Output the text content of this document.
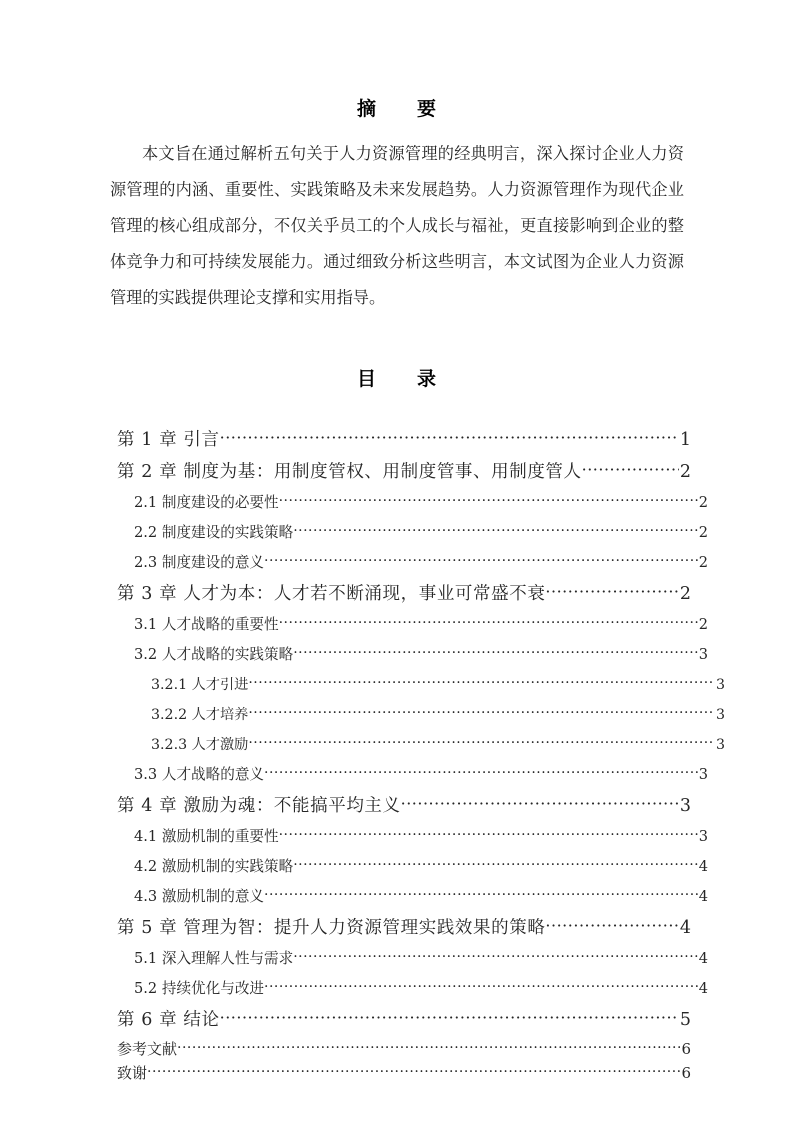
摘　要
本文旨在通过解析五句关于人力资源管理的经典明言，深入探讨企业人力资源管理的内涵、重要性、实践策略及未来发展趋势。人力资源管理作为现代企业管理的核心组成部分，不仅关乎员工的个人成长与福祉，更直接影响到企业的整体竞争力和可持续发展能力。通过细致分析这些明言，本文试图为企业人力资源管理的实践提供理论支撑和实用指导。
目　录
第 1 章 引言 ·····	1
第 2 章 制度为基：用制度管权、用制度管事、用制度管人 ·····	2
2.1 制度建设的必要性 ·····	2
2.2 制度建设的实践策略 ·····	2
2.3 制度建设的意义 ·····	2
第 3 章 人才为本：人才若不断涌现，事业可常盛不衰 ·····	2
3.1 人才战略的重要性 ·····	2
3.2 人才战略的实践策略 ·····	3
3.2.1 人才引进 ·····	3
3.2.2 人才培养 ·····	3
3.2.3 人才激励 ·····	3
3.3 人才战略的意义 ·····	3
第 4 章 激励为魂：不能搞平均主义 ·····	3
4.1 激励机制的重要性 ·····	3
4.2 激励机制的实践策略 ·····	4
4.3 激励机制的意义 ·····	4
第 5 章 管理为智：提升人力资源管理实践效果的策略 ·····	4
5.1 深入理解人性与需求 ·····	4
5.2 持续优化与改进 ·····	4
第 6 章 结论 ·····	5
参考文献 ·····	6
致谢 ·····	6
